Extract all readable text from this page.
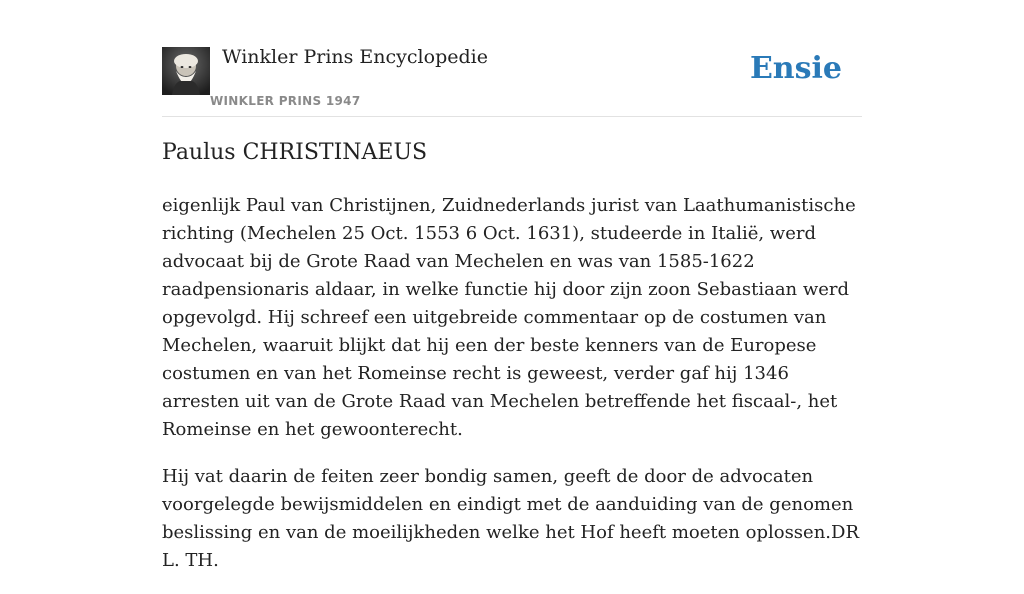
Winkler Prins Encyclopedie
WINKLER PRINS 1947
Ensie
Paulus CHRISTINAEUS

eigenlijk Paul van Christijnen, Zuidnederlands jurist van Laathumanistische richting (Mechelen 25 Oct. 1553 6 Oct. 1631), studeerde in Italië, werd advocaat bij de Grote Raad van Mechelen en was van 1585-1622 raadpensionaris aldaar, in welke functie hij door zijn zoon Sebastiaan werd opgevolgd. Hij schreef een uitgebreide commentaar op de costumen van Mechelen, waaruit blijkt dat hij een der beste kenners van de Europese costumen en van het Romeinse recht is geweest, verder gaf hij 1346 arresten uit van de Grote Raad van Mechelen betreffende het fiscaal-, het Romeinse en het gewoonterecht.

Hij vat daarin de feiten zeer bondig samen, geeft de door de advocaten voorgelegde bewijsmiddelen en eindigt met de aanduiding van de genomen beslissing en van de moeilijkheden welke het Hof heeft moeten oplossen.DR L. TH.
